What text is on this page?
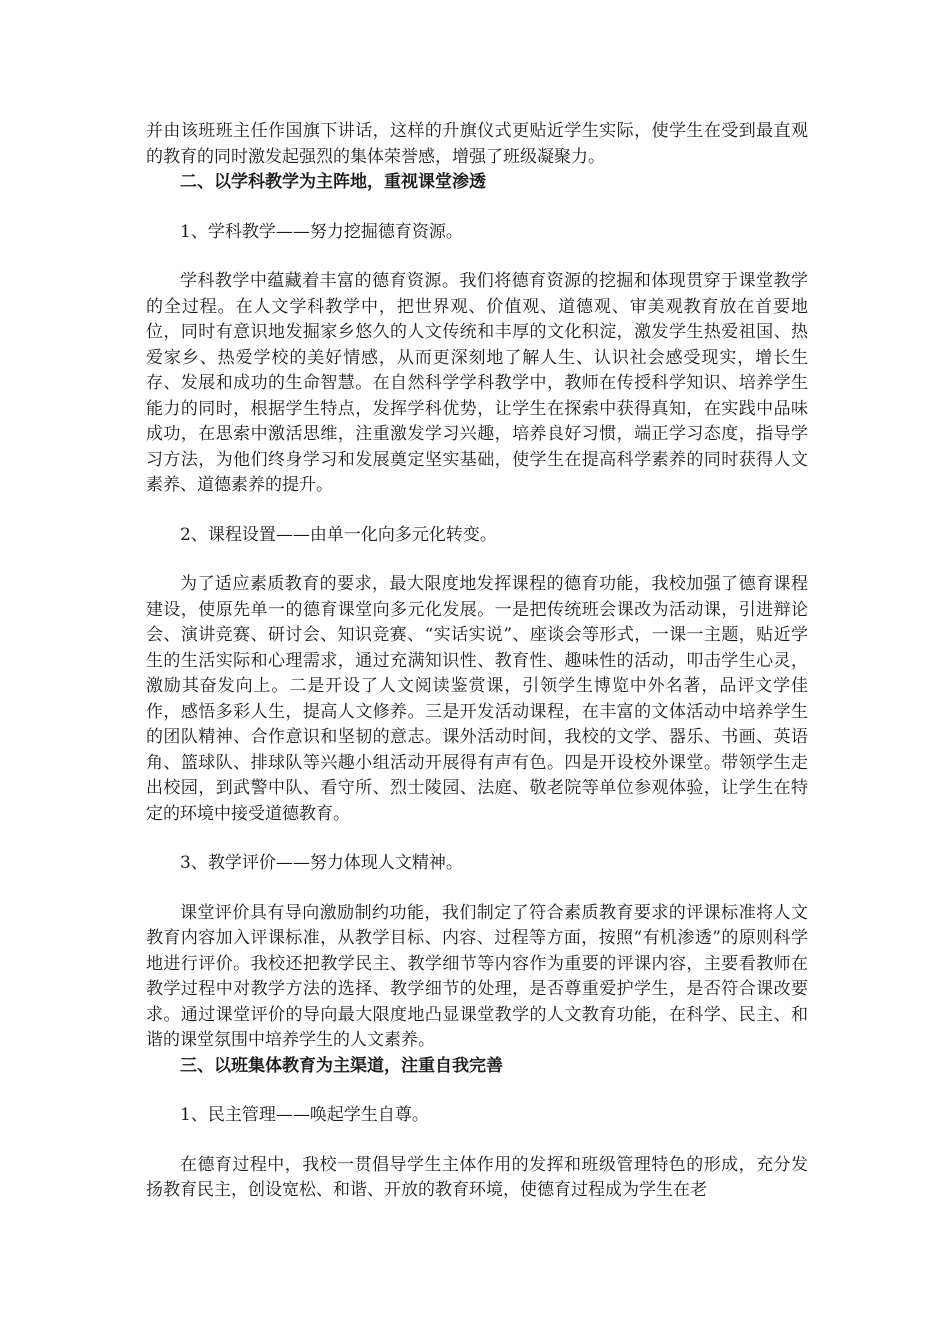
并由该班班主任作国旗下讲话，这样的升旗仪式更贴近学生实际，使学生在受到最直观的教育的同时激发起强烈的集体荣誉感，增强了班级凝聚力。

二、以学科教学为主阵地，重视课堂渗透

1、学科教学——努力挖掘德育资源。

学科教学中蕴藏着丰富的德育资源。我们将德育资源的挖掘和体现贯穿于课堂教学的全过程。在人文学科教学中，把世界观、价值观、道德观、审美观教育放在首要地位，同时有意识地发掘家乡悠久的人文传统和丰厚的文化积淀，激发学生热爱祖国、热爱家乡、热爱学校的美好情感，从而更深刻地了解人生、认识社会感受现实，增长生存、发展和成功的生命智慧。在自然科学学科教学中，教师在传授科学知识、培养学生能力的同时，根据学生特点，发挥学科优势，让学生在探索中获得真知，在实践中品味成功，在思索中激活思维，注重激发学习兴趣，培养良好习惯，端正学习态度，指导学习方法，为他们终身学习和发展奠定坚实基础，使学生在提高科学素养的同时获得人文素养、道德素养的提升。

2、课程设置——由单一化向多元化转变。

为了适应素质教育的要求，最大限度地发挥课程的德育功能，我校加强了德育课程建设，使原先单一的德育课堂向多元化发展。一是把传统班会课改为活动课，引进辩论会、演讲竞赛、研讨会、知识竞赛、“实话实说”、座谈会等形式，一课一主题，贴近学生的生活实际和心理需求，通过充满知识性、教育性、趣味性的活动，叩击学生心灵，激励其奋发向上。二是开设了人文阅读鉴赏课，引领学生博览中外名著，品评文学佳作，感悟多彩人生，提高人文修养。三是开发活动课程，在丰富的文体活动中培养学生的团队精神、合作意识和坚韧的意志。课外活动时间，我校的文学、器乐、书画、英语角、篮球队、排球队等兴趣小组活动开展得有声有色。四是开设校外课堂。带领学生走出校园，到武警中队、看守所、烈士陵园、法庭、敬老院等单位参观体验，让学生在特定的环境中接受道德教育。

3、教学评价——努力体现人文精神。

课堂评价具有导向激励制约功能，我们制定了符合素质教育要求的评课标准将人文教育内容加入评课标准，从教学目标、内容、过程等方面，按照“有机渗透”的原则科学地进行评价。我校还把教学民主、教学细节等内容作为重要的评课内容，主要看教师在教学过程中对教学方法的选择、教学细节的处理，是否尊重爱护学生，是否符合课改要求。通过课堂评价的导向最大限度地凸显课堂教学的人文教育功能，在科学、民主、和谐的课堂氛围中培养学生的人文素养。

三、以班集体教育为主渠道，注重自我完善

1、民主管理——唤起学生自尊。

在德育过程中，我校一贯倡导学生主体作用的发挥和班级管理特色的形成，充分发扬教育民主，创设宽松、和谐、开放的教育环境，使德育过程成为学生在老
